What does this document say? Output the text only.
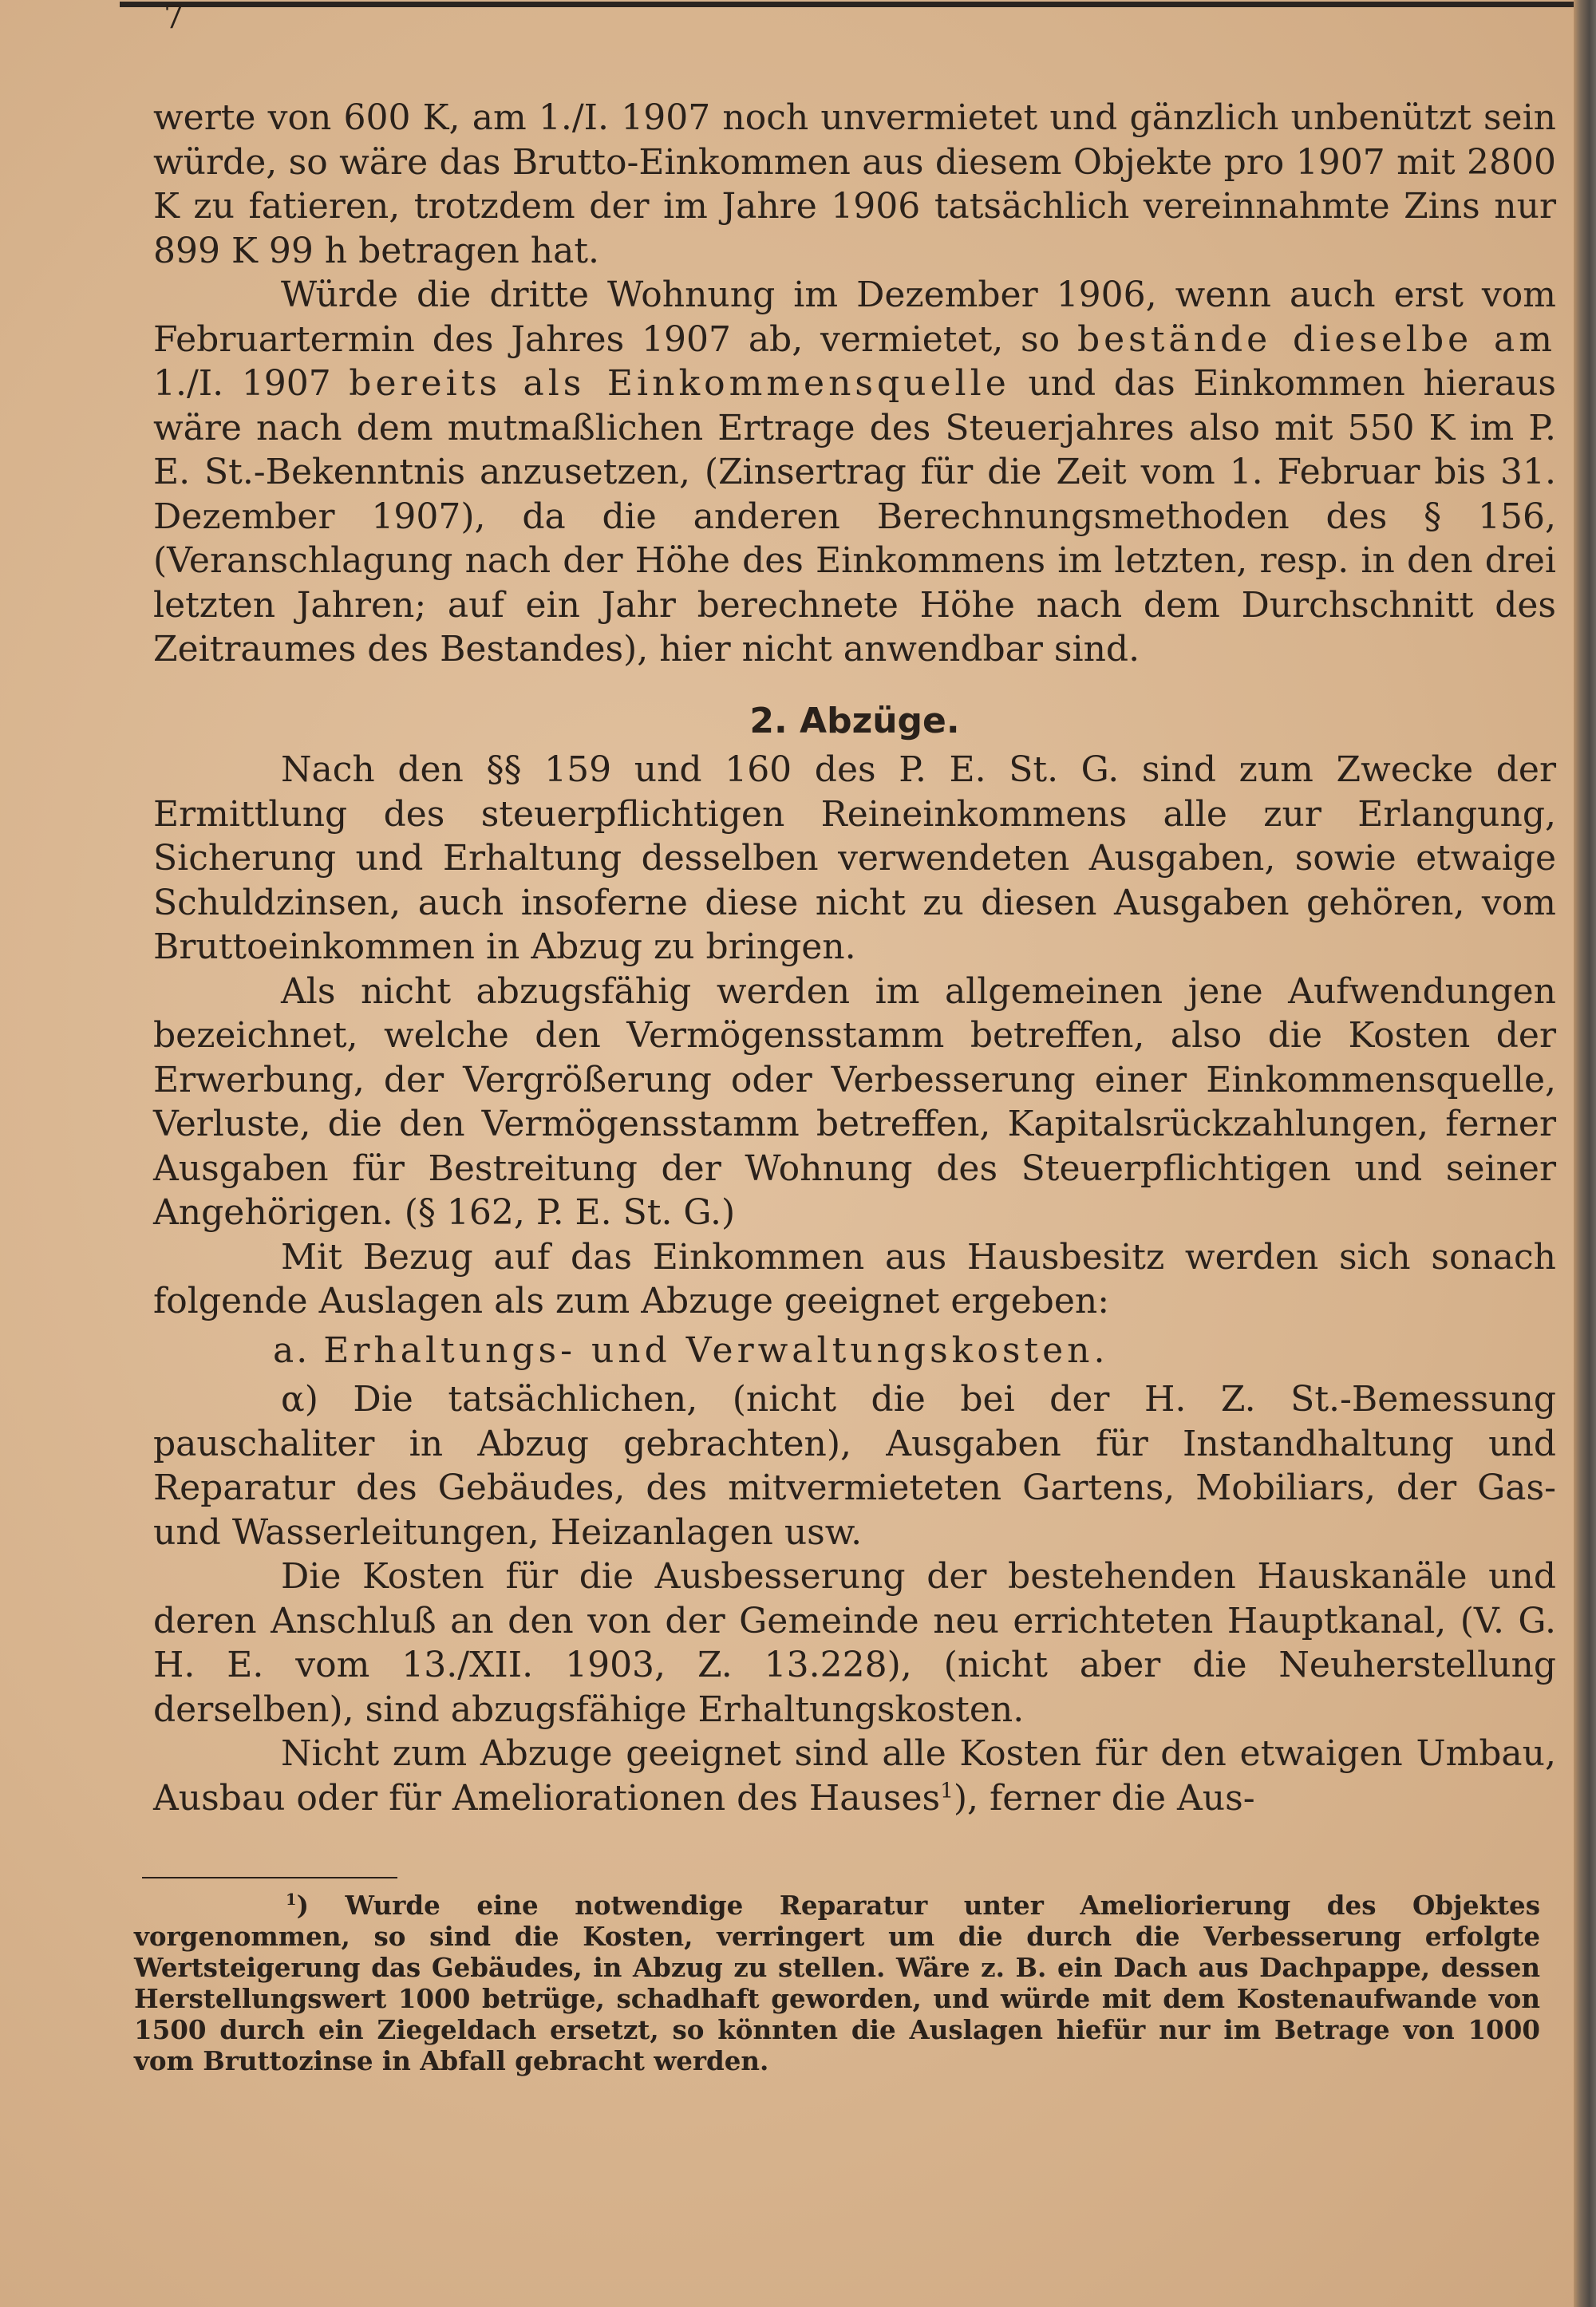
7

werte von 600 K, am 1./I. 1907 noch unvermietet und gänzlich unbenützt sein würde, so wäre das Brutto-Einkommen aus diesem Objekte pro 1907 mit 2800 K zu fatieren, trotzdem der im Jahre 1906 tatsächlich vereinnahmte Zins nur 899 K 99 h betragen hat.

Würde die dritte Wohnung im Dezember 1906, wenn auch erst vom Februartermin des Jahres 1907 ab, vermietet, so bestände dieselbe am 1./I. 1907 bereits als Einkommensquelle und das Einkommen hieraus wäre nach dem mutmaßlichen Ertrage des Steuerjahres also mit 550 K im P. E. St.-Bekenntnis anzusetzen, (Zinsertrag für die Zeit vom 1. Februar bis 31. Dezember 1907), da die anderen Berechnungsmethoden des § 156, (Veranschlagung nach der Höhe des Einkommens im letzten, resp. in den drei letzten Jahren; auf ein Jahr berechnete Höhe nach dem Durchschnitt des Zeitraumes des Bestandes), hier nicht anwendbar sind.

2. Abzüge.

Nach den §§ 159 und 160 des P. E. St. G. sind zum Zwecke der Ermittlung des steuerpflichtigen Reineinkommens alle zur Erlangung, Sicherung und Erhaltung desselben verwendeten Ausgaben, sowie etwaige Schuldzinsen, auch insoferne diese nicht zu diesen Ausgaben gehören, vom Bruttoeinkommen in Abzug zu bringen.

Als nicht abzugsfähig werden im allgemeinen jene Aufwendungen bezeichnet, welche den Vermögensstamm betreffen, also die Kosten der Erwerbung, der Vergrößerung oder Verbesserung einer Einkommensquelle, Verluste, die den Vermögensstamm betreffen, Kapitalsrückzahlungen, ferner Ausgaben für Bestreitung der Wohnung des Steuerpflichtigen und seiner Angehörigen. (§ 162, P. E. St. G.)

Mit Bezug auf das Einkommen aus Hausbesitz werden sich sonach folgende Auslagen als zum Abzuge geeignet ergeben:

a. Erhaltungs- und Verwaltungskosten.

α) Die tatsächlichen, (nicht die bei der H. Z. St.-Bemessung pauschaliter in Abzug gebrachten), Ausgaben für Instandhaltung und Reparatur des Gebäudes, des mitvermieteten Gartens, Mobiliars, der Gas- und Wasserleitungen, Heizanlagen usw.

Die Kosten für die Ausbesserung der bestehenden Hauskanäle und deren Anschluß an den von der Gemeinde neu errichteten Hauptkanal, (V. G. H. E. vom 13./XII. 1903, Z. 13.228), (nicht aber die Neuherstellung derselben), sind abzugsfähige Erhaltungskosten.

Nicht zum Abzuge geeignet sind alle Kosten für den etwaigen Umbau, Ausbau oder für Ameliorationen des Hauses$^1$), ferner die Aus-

$^1$) Wurde eine notwendige Reparatur unter Ameliorierung des Objektes vorgenommen, so sind die Kosten, verringert um die durch die Verbesserung erfolgte Wertsteigerung das Gebäudes, in Abzug zu stellen. Wäre z. B. ein Dach aus Dachpappe, dessen Herstellungswert 1000 betrüge, schadhaft geworden, und würde mit dem Kostenaufwande von 1500 durch ein Ziegeldach ersetzt, so könnten die Auslagen hiefür nur im Betrage von 1000 vom Bruttozinse in Abfall gebracht werden.
